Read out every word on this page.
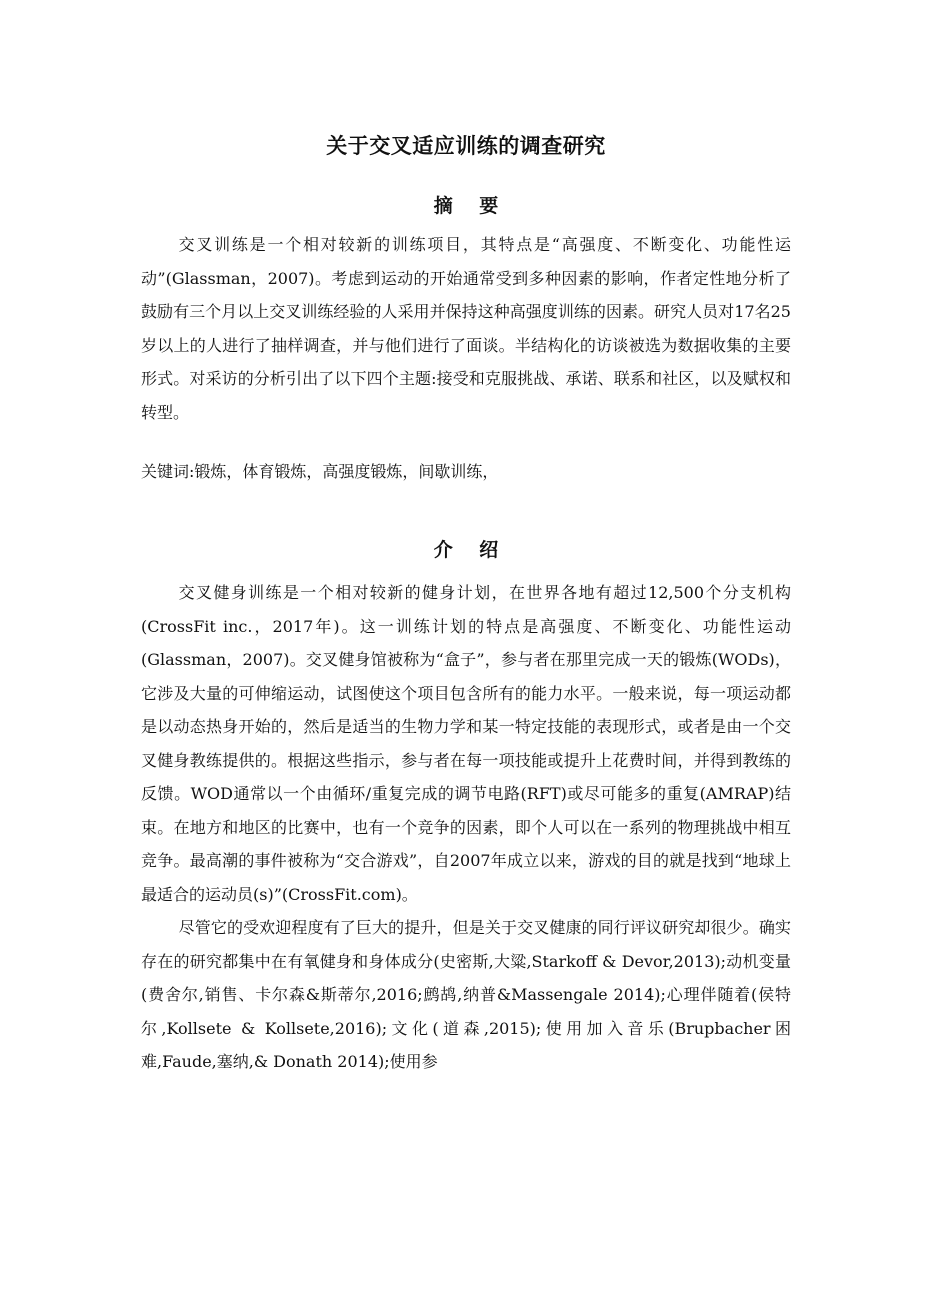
关于交叉适应训练的调查研究
摘 要

交叉训练是一个相对较新的训练项目，其特点是“高强度、不断变化、功能性运动”(Glassman，2007)。考虑到运动的开始通常受到多种因素的影响，作者定性地分析了鼓励有三个月以上交叉训练经验的人采用并保持这种高强度训练的因素。研究人员对17名25岁以上的人进行了抽样调查，并与他们进行了面谈。半结构化的访谈被选为数据收集的主要形式。对采访的分析引出了以下四个主题:接受和克服挑战、承诺、联系和社区，以及赋权和转型。

关键词:锻炼，体育锻炼，高强度锻炼，间歇训练，

介 绍

交叉健身训练是一个相对较新的健身计划，在世界各地有超过12,500个分支机构(CrossFit inc.，2017年)。这一训练计划的特点是高强度、不断变化、功能性运动(Glassman，2007)。交叉健身馆被称为“盒子”，参与者在那里完成一天的锻炼(WODs)，它涉及大量的可伸缩运动，试图使这个项目包含所有的能力水平。一般来说，每一项运动都是以动态热身开始的，然后是适当的生物力学和某一特定技能的表现形式，或者是由一个交叉健身教练提供的。根据这些指示，参与者在每一项技能或提升上花费时间，并得到教练的反馈。WOD通常以一个由循环/重复完成的调节电路(RFT)或尽可能多的重复(AMRAP)结束。在地方和地区的比赛中，也有一个竞争的因素，即个人可以在一系列的物理挑战中相互竞争。最高潮的事件被称为“交合游戏”，自2007年成立以来，游戏的目的就是找到“地球上最适合的运动员(s)”(CrossFit.com)。

尽管它的受欢迎程度有了巨大的提升，但是关于交叉健康的同行评议研究却很少。确实存在的研究都集中在有氧健身和身体成分(史密斯,大粱,Starkoff & Devor,2013);动机变量(费舍尔,销售、卡尔森&斯蒂尔,2016;鹧鸪,纳普&Massengale 2014);心理伴随着(侯特尔,Kollsete & Kollsete,2016);文化(道森,2015);使用加入音乐(Brupbacher困难,Faude,塞纳,& Donath 2014);使用参
